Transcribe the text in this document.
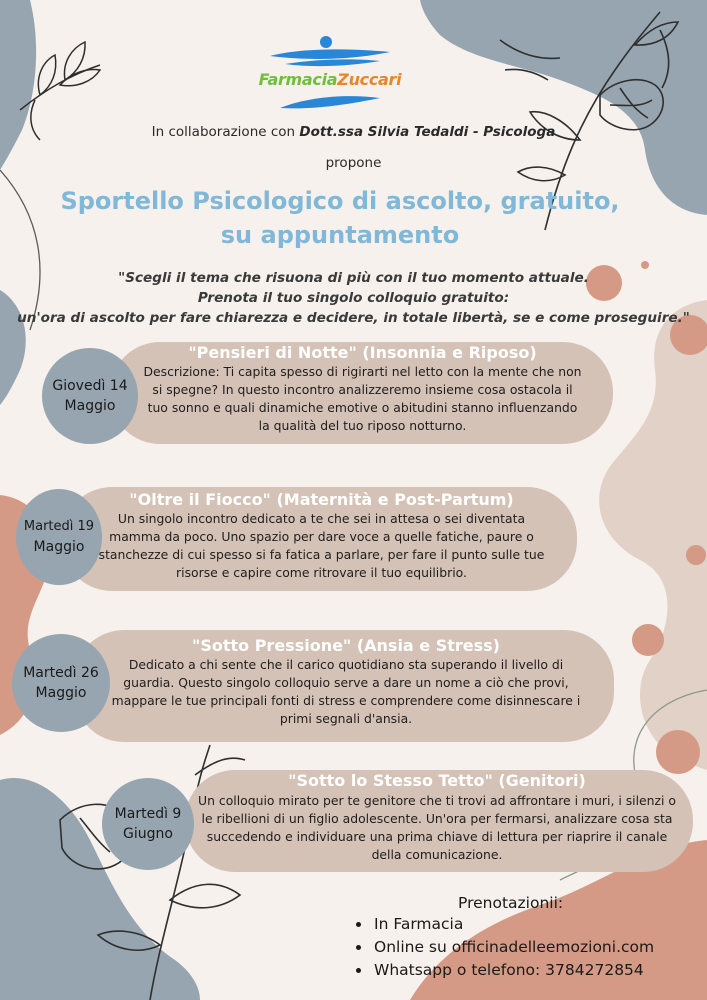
FarmaciaZuccari
In collaborazione con Dott.ssa Silvia Tedaldi - Psicologa
propone
Sportello Psicologico di ascolto, gratuito,
su appuntamento
"Scegli il tema che risuona di più con il tuo momento attuale.
Prenota il tuo singolo colloquio gratuito:
un'ora di ascolto per fare chiarezza e decidere, in totale libertà, se e come proseguire."
"Pensieri di Notte" (Insonnia e Riposo)
Descrizione: Ti capita spesso di rigirarti nel letto con la mente che non si spegne? In questo incontro analizzeremo insieme cosa ostacola il tuo sonno e quali dinamiche emotive o abitudini stanno influenzando la qualità del tuo riposo notturno.
Giovedì 14
Maggio
"Oltre il Fiocco" (Maternità e Post-Partum)
Un singolo incontro dedicato a te che sei in attesa o sei diventata mamma da poco. Uno spazio per dare voce a quelle fatiche, paure o stanchezze di cui spesso si fa fatica a parlare, per fare il punto sulle tue risorse e capire come ritrovare il tuo equilibrio.
Martedì 19
Maggio
"Sotto Pressione" (Ansia e Stress)
Dedicato a chi sente che il carico quotidiano sta superando il livello di guardia. Questo singolo colloquio serve a dare un nome a ciò che provi, mappare le tue principali fonti di stress e comprendere come disinnescare i primi segnali d'ansia.
Martedì 26
Maggio
"Sotto lo Stesso Tetto" (Genitori)
Un colloquio mirato per te genitore che ti trovi ad affrontare i muri, i silenzi o le ribellioni di un figlio adolescente. Un'ora per fermarsi, analizzare cosa sta succedendo e individuare una prima chiave di lettura per riaprire il canale della comunicazione.
Martedì 9
Giugno
Prenotazionii:
• In Farmacia
• Online su officinadelleemozioni.com
• Whatsapp o telefono: 3784272854
